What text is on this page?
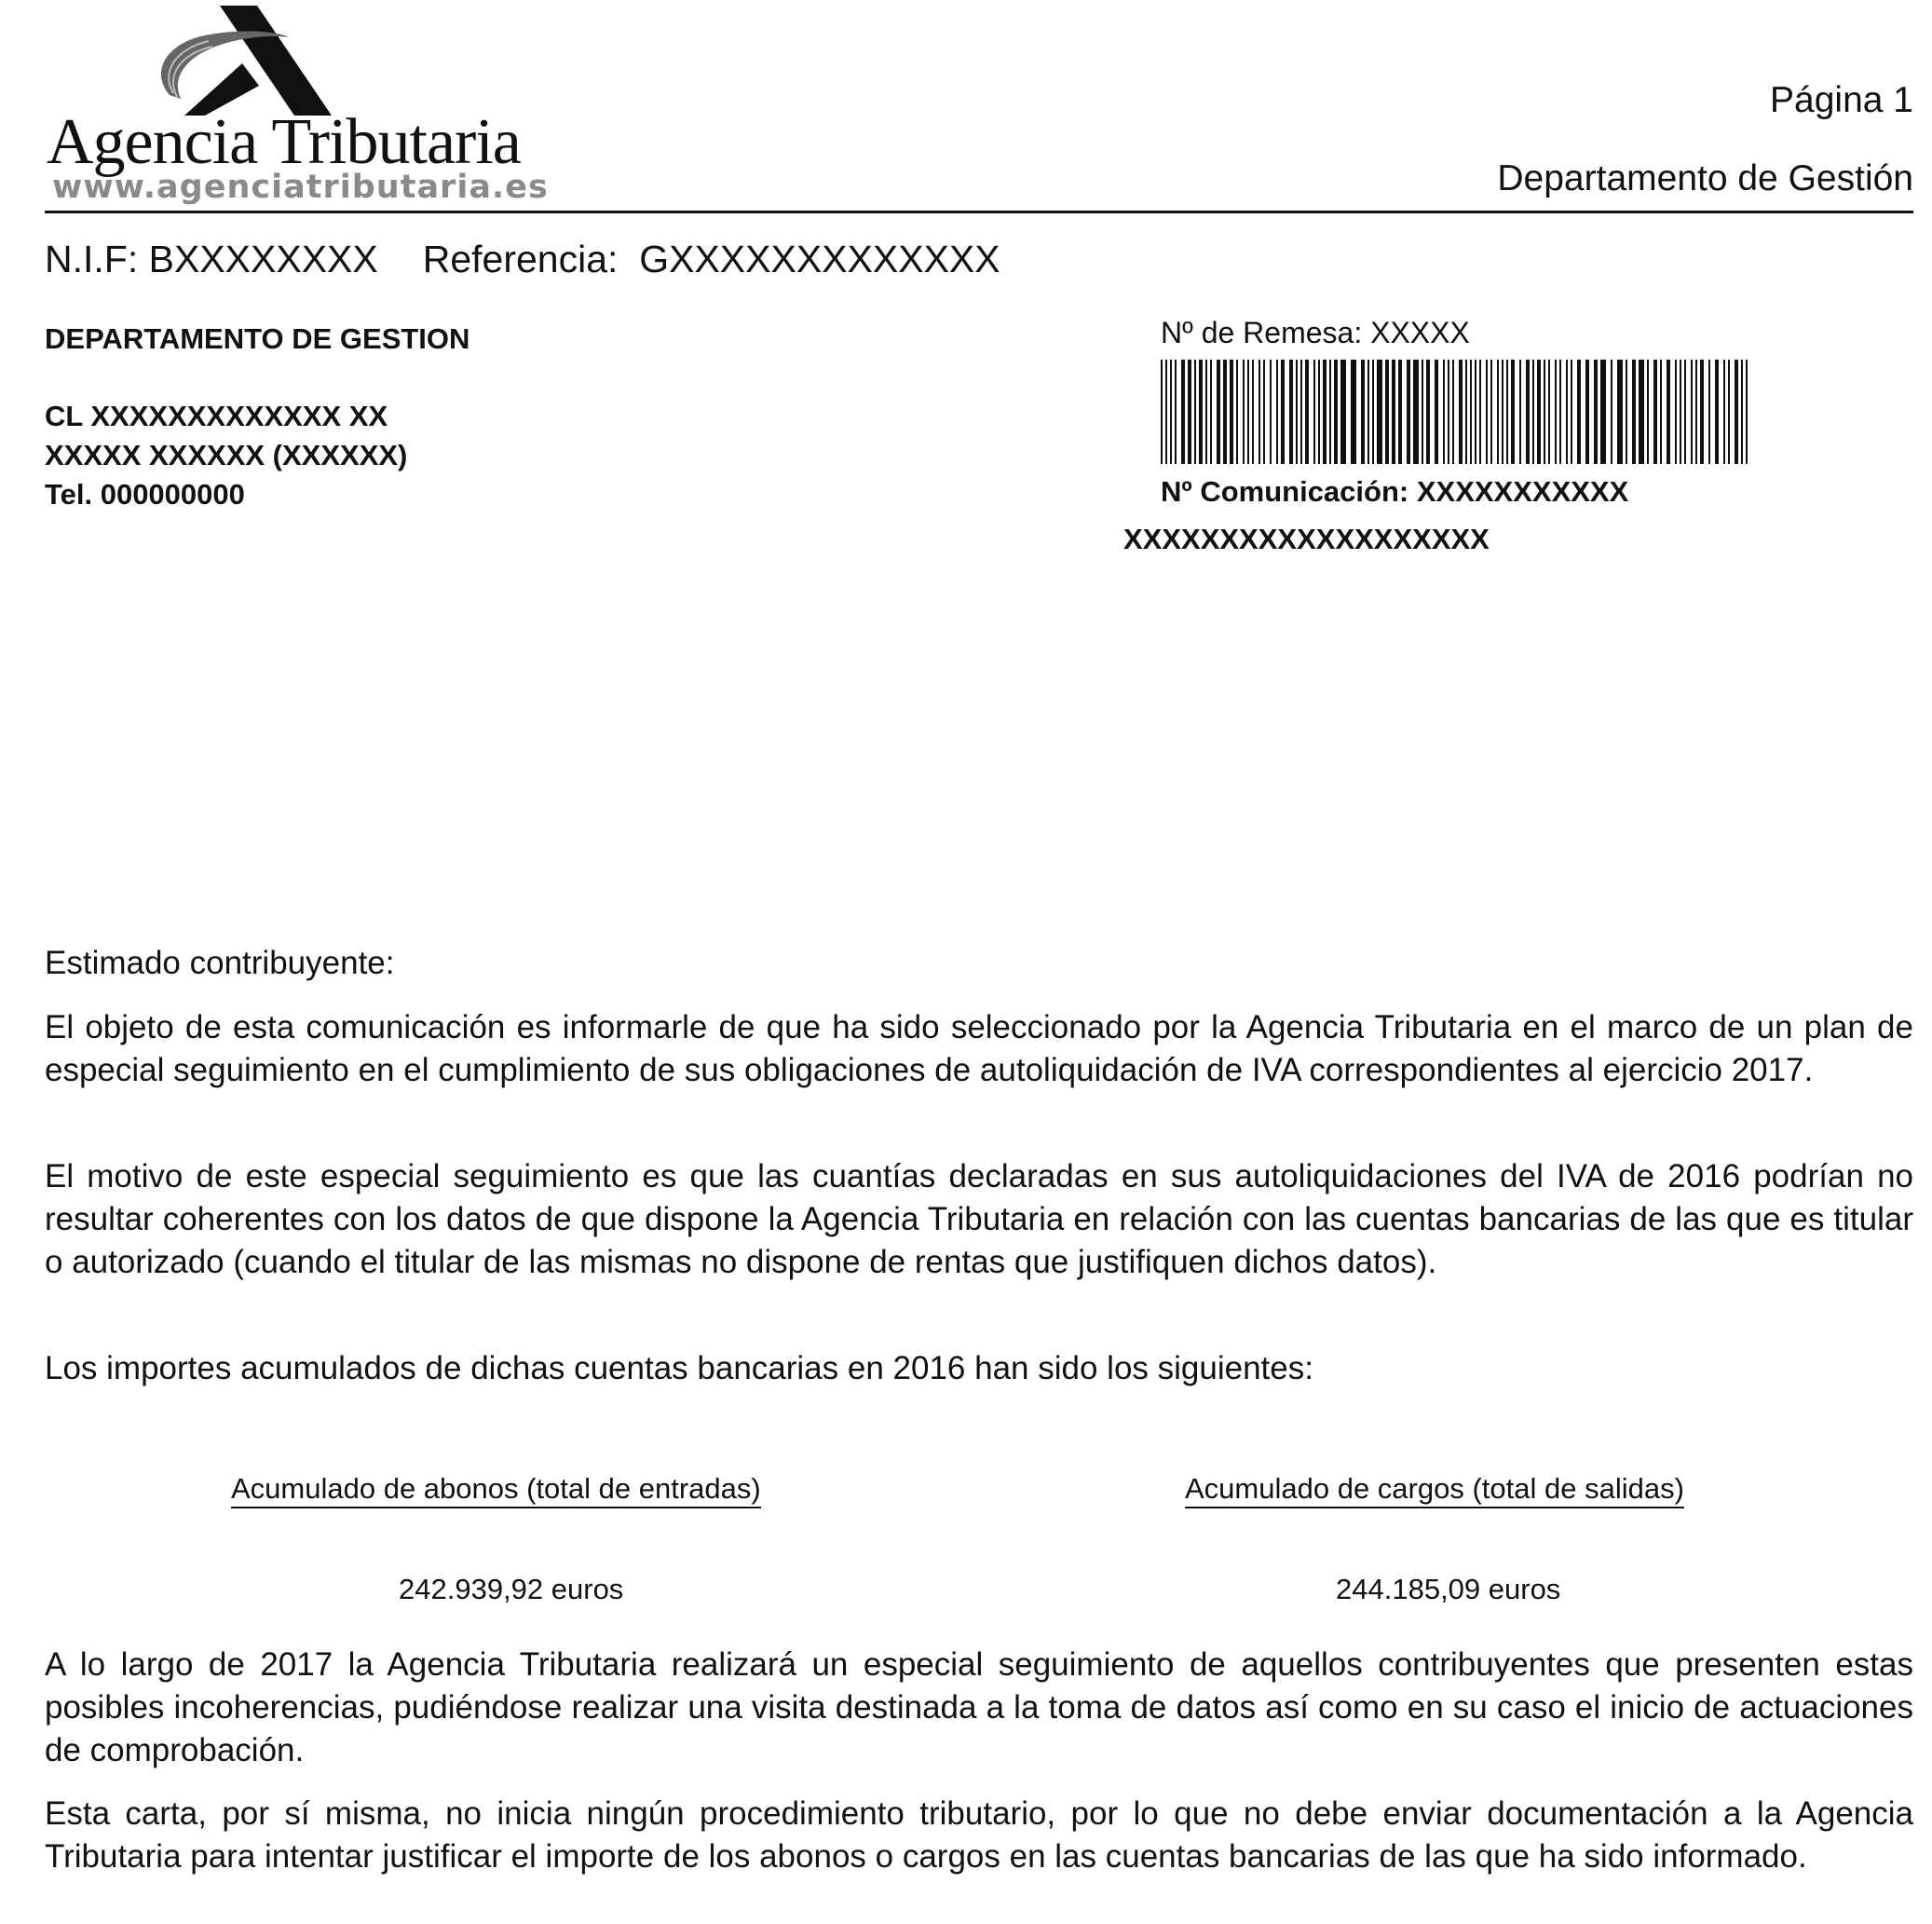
Agencia Tributaria
www.agenciatributaria.es
Página 1
Departamento de Gestión
N.I.F: BXXXXXXXX Referencia: GXXXXXXXXXXXXX
DEPARTAMENTO DE GESTION
CL XXXXXXXXXXXXX XX
XXXXX XXXXXX (XXXXXX)
Tel. 000000000
Nº de Remesa: XXXXX
Nº Comunicación: XXXXXXXXXXX
XXXXXXXXXXXXXXXXXXX
Estimado contribuyente:

El objeto de esta comunicación es informarle de que ha sido seleccionado por la Agencia Tributaria en el marco de un plan de especial seguimiento en el cumplimiento de sus obligaciones de autoliquidación de IVA correspondientes al ejercicio 2017.

El motivo de este especial seguimiento es que las cuantías declaradas en sus autoliquidaciones del IVA de 2016 podrían no resultar coherentes con los datos de que dispone la Agencia Tributaria en relación con las cuentas bancarias de las que es titular o autorizado (cuando el titular de las mismas no dispone de rentas que justifiquen dichos datos).

Los importes acumulados de dichas cuentas bancarias en 2016 han sido los siguientes:

Acumulado de abonos (total de entradas)	Acumulado de cargos (total de salidas)
242.939,92 euros	244.185,09 euros

A lo largo de 2017 la Agencia Tributaria realizará un especial seguimiento de aquellos contribuyentes que presenten estas posibles incoherencias, pudiéndose realizar una visita destinada a la toma de datos así como en su caso el inicio de actuaciones de comprobación.

Esta carta, por sí misma, no inicia ningún procedimiento tributario, por lo que no debe enviar documentación a la Agencia Tributaria para intentar justificar el importe de los abonos o cargos en las cuentas bancarias de las que ha sido informado.
